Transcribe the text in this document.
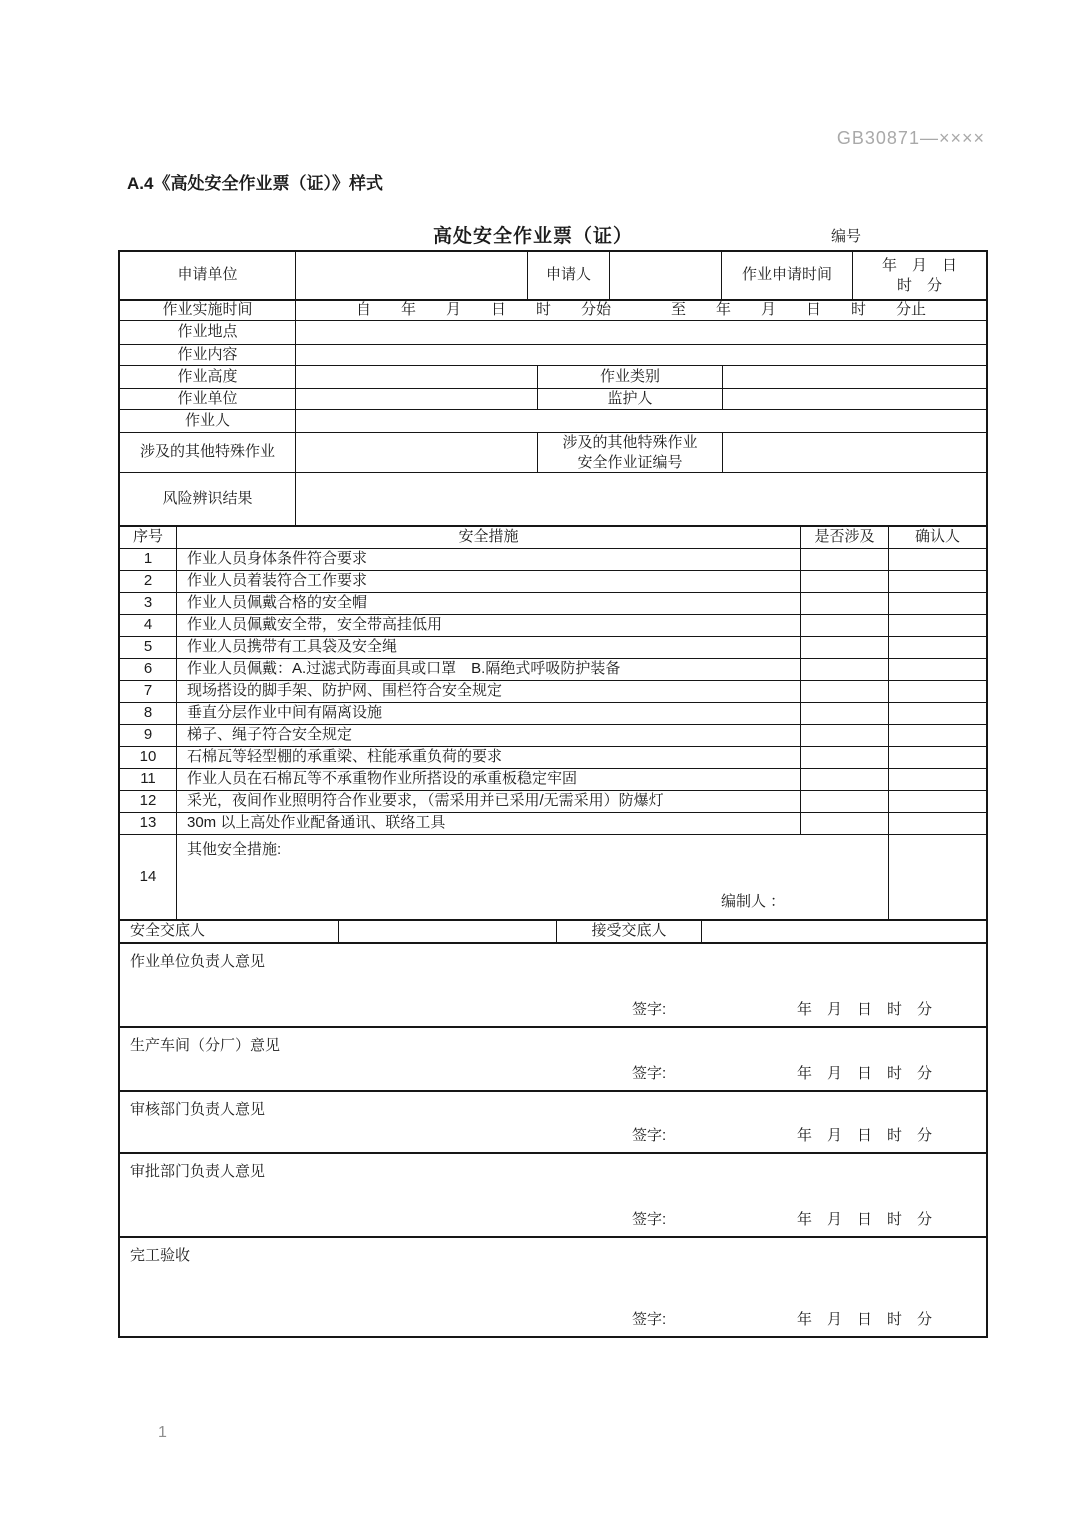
GB30871—××××
A.4《高处安全作业票（证）》样式
高处安全作业票（证）	编号
申请单位	申请人	作业申请时间
年　月　日
时　分
作业实施时间	自　　年　　月　　日　　时　　分始　　　　至　　年　　月　　日　　时　　分止
作业地点
作业内容
作业高度	作业类别
作业单位	监护人
作业人
涉及的其他特殊作业
涉及的其他特殊作业
安全作业证编号
风险辨识结果
序号	安全措施	是否涉及	确认人
1	作业人员身体条件符合要求
2	作业人员着装符合工作要求
3	作业人员佩戴合格的安全帽
4	作业人员佩戴安全带，安全带高挂低用
5	作业人员携带有工具袋及安全绳
6	作业人员佩戴：A.过滤式防毒面具或口罩　B.隔绝式呼吸防护装备
7	现场搭设的脚手架、防护网、围栏符合安全规定
8	垂直分层作业中间有隔离设施
9	梯子、绳子符合安全规定
10	石棉瓦等轻型棚的承重梁、柱能承重负荷的要求
11	作业人员在石棉瓦等不承重物作业所搭设的承重板稳定牢固
12	采光，夜间作业照明符合作业要求，（需采用并已采用/无需采用）防爆灯
13	30m 以上高处作业配备通讯、联络工具
14
其他安全措施:
编制人 ：
安全交底人	接受交底人
作业单位负责人意见
签字:	年　月　日　时　分
生产车间（分厂）意见
签字:	年　月　日　时　分
审核部门负责人意见
签字:	年　月　日　时　分
审批部门负责人意见
签字:	年　月　日　时　分
完工验收
签字:	年　月　日　时　分
1
